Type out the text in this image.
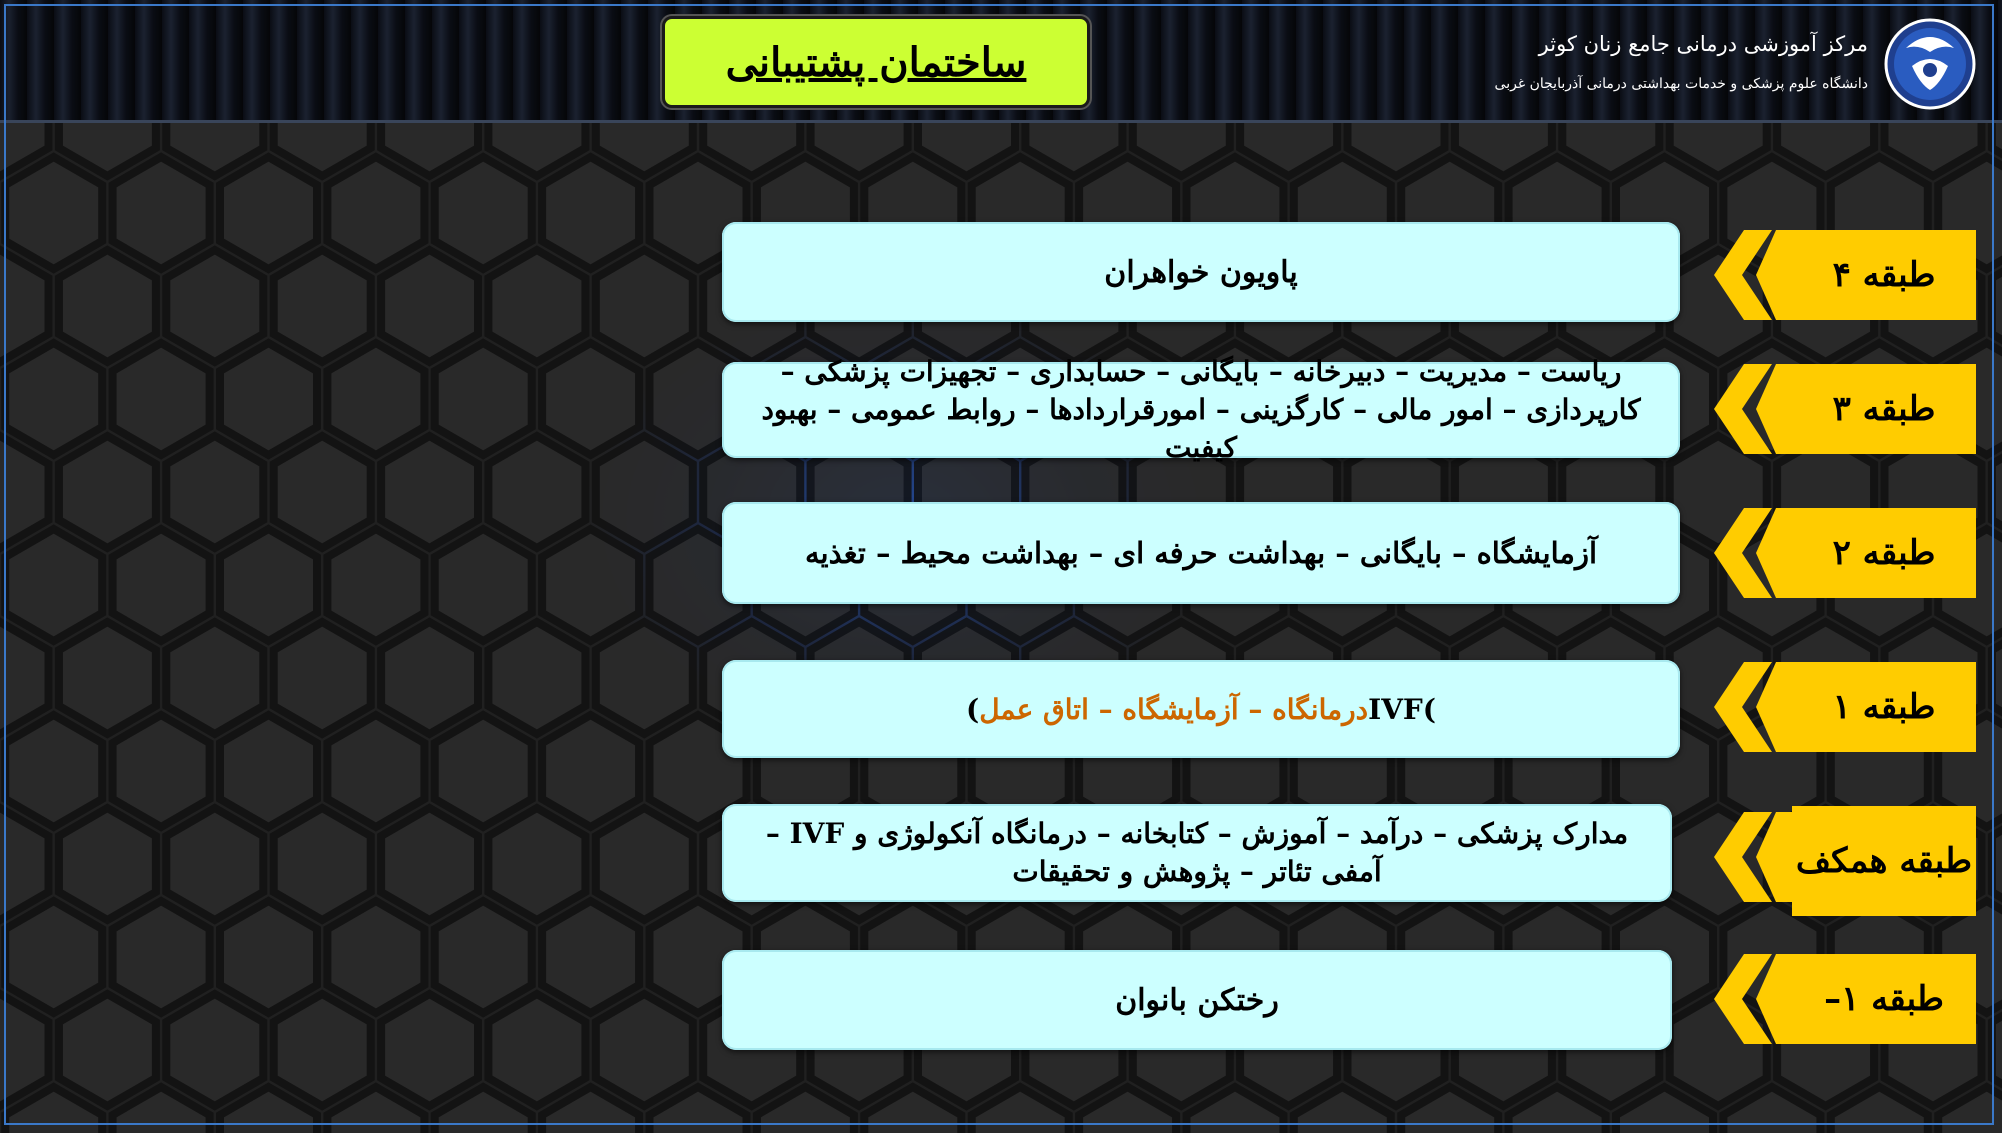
ساختمان پشتیبانی	مرکز آموزشی درمانی جامع زنان کوثر
دانشگاه علوم پزشکی و خدمات بهداشتی درمانی آذربایجان غربی
پاویون خواهران	طبقه ۴
ریاست – مدیریت – دبیرخانه – بایگانی – حسابداری – تجهیزات پزشکی –
کارپردازی – امور مالی – کارگزینی – امورقراردادها – روابط عمومی – بهبود کیفیت
طبقه ۳
آزمایشگاه – بایگانی – بهداشت حرفه ای – بهداشت محیط – تغذیه	طبقه ۲
IVF(درمانگاه – آزمایشگاه – اتاق عمل)	طبقه ۱
مدارک پزشکی – درآمد – آموزش – کتابخانه – درمانگاه آنکولوژی و IVF –
آمفی تئاتر – پژوهش و تحقیقات	طبقه همکف
رختکن بانوان	طبقه ۱–
